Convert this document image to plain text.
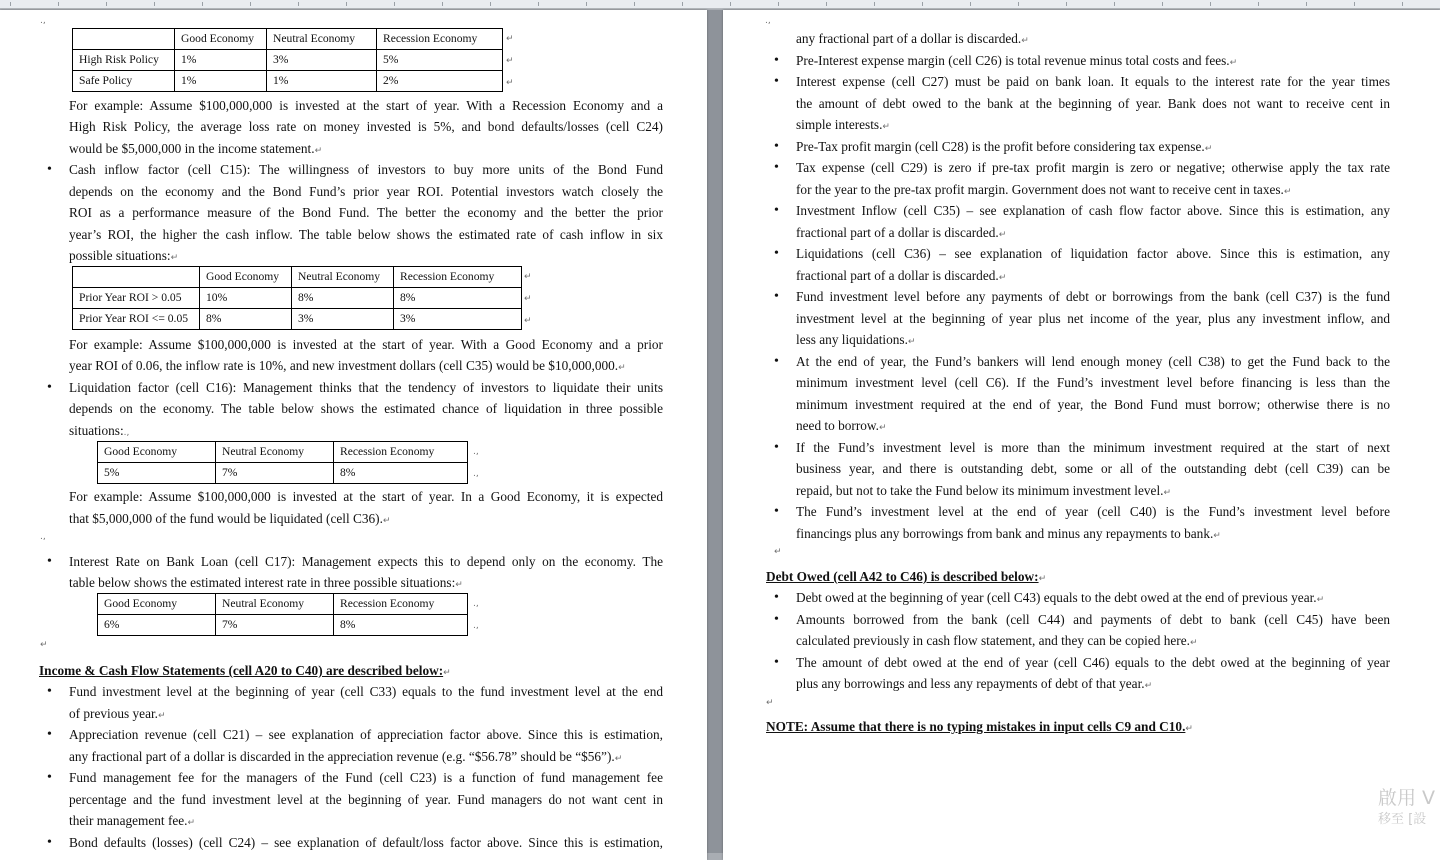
.,
	Good Economy	Neutral Economy	Recession Economy
High Risk Policy	1%	3%	5%
Safe Policy	1%	1%	2%
↵
↵
↵
For example: Assume $100,000,000 is invested at the start of year. With a Recession Economy and a
High Risk Policy, the average loss rate on money invested is 5%, and bond defaults/losses (cell C24)
would be $5,000,000 in the income statement.↵
• Cash inflow factor (cell C15): The willingness of investors to buy more units of the Bond Fund
depends on the economy and the Bond Fund’s prior year ROI. Potential investors watch closely the
ROI as a performance measure of the Bond Fund. The better the economy and the better the prior
year’s ROI, the higher the cash inflow. The table below shows the estimated rate of cash inflow in six
possible situations:↵
	Good Economy	Neutral Economy	Recession Economy
Prior Year ROI > 0.05	10%	8%	8%
Prior Year ROI <= 0.05	8%	3%	3%
↵
↵
↵
For example: Assume $100,000,000 is invested at the start of year. With a Good Economy and a prior
year ROI of 0.06, the inflow rate is 10%, and new investment dollars (cell C35) would be $10,000,000.↵
• Liquidation factor (cell C16): Management thinks that the tendency of investors to liquidate their units
depends on the economy. The table below shows the estimated chance of liquidation in three possible
situations:.,
Good Economy	Neutral Economy	Recession Economy
5%	7%	8%
.,
.,
For example: Assume $100,000,000 is invested at the start of year. In a Good Economy, it is expected
that $5,000,000 of the fund would be liquidated (cell C36).↵
.,
• Interest Rate on Bank Loan (cell C17): Management expects this to depend only on the economy. The
table below shows the estimated interest rate in three possible situations:↵
Good Economy	Neutral Economy	Recession Economy
6%	7%	8%
.,
.,
↵
Income & Cash Flow Statements (cell A20 to C40) are described below:↵
• Fund investment level at the beginning of year (cell C33) equals to the fund investment level at the end
of previous year.↵
• Appreciation revenue (cell C21) – see explanation of appreciation factor above. Since this is estimation,
any fractional part of a dollar is discarded in the appreciation revenue (e.g. “$56.78” should be “$56”).↵
• Fund management fee for the managers of the Fund (cell C23) is a function of fund management fee
percentage and the fund investment level at the beginning of year. Fund managers do not want cent in
their management fee.↵
• Bond defaults (losses) (cell C24) – see explanation of default/loss factor above. Since this is estimation,
.,
any fractional part of a dollar is discarded.↵
• Pre-Interest expense margin (cell C26) is total revenue minus total costs and fees.↵
• Interest expense (cell C27) must be paid on bank loan. It equals to the interest rate for the year times
the amount of debt owed to the bank at the beginning of year. Bank does not want to receive cent in
simple interests.↵
• Pre-Tax profit margin (cell C28) is the profit before considering tax expense.↵
• Tax expense (cell C29) is zero if pre-tax profit margin is zero or negative; otherwise apply the tax rate
for the year to the pre-tax profit margin. Government does not want to receive cent in taxes.↵
• Investment Inflow (cell C35) – see explanation of cash flow factor above. Since this is estimation, any
fractional part of a dollar is discarded.↵
• Liquidations (cell C36) – see explanation of liquidation factor above. Since this is estimation, any
fractional part of a dollar is discarded.↵
• Fund investment level before any payments of debt or borrowings from the bank (cell C37) is the fund
investment level at the beginning of year plus net income of the year, plus any investment inflow, and
less any liquidations.↵
• At the end of year, the Fund’s bankers will lend enough money (cell C38) to get the Fund back to the
minimum investment level (cell C6). If the Fund’s investment level before financing is less than the
minimum investment required at the end of year, the Bond Fund must borrow; otherwise there is no
need to borrow.↵
• If the Fund’s investment level is more than the minimum investment required at the start of next
business year, and there is outstanding debt, some or all of the outstanding debt (cell C39) can be
repaid, but not to take the Fund below its minimum investment level.↵
• The Fund’s investment level at the end of year (cell C40) is the Fund’s investment level before
financings plus any borrowings from bank and minus any repayments to bank.↵
↵
Debt Owed (cell A42 to C46) is described below:↵
• Debt owed at the beginning of year (cell C43) equals to the debt owed at the end of previous year.↵
• Amounts borrowed from the bank (cell C44) and payments of debt to bank (cell C45) have been
calculated previously in cash flow statement, and they can be copied here.↵
• The amount of debt owed at the end of year (cell C46) equals to the debt owed at the beginning of year
plus any borrowings and less any repayments of debt of that year.↵
↵
NOTE: Assume that there is no typing mistakes in input cells C9 and C10.↵
啟用 V
移至 [設
